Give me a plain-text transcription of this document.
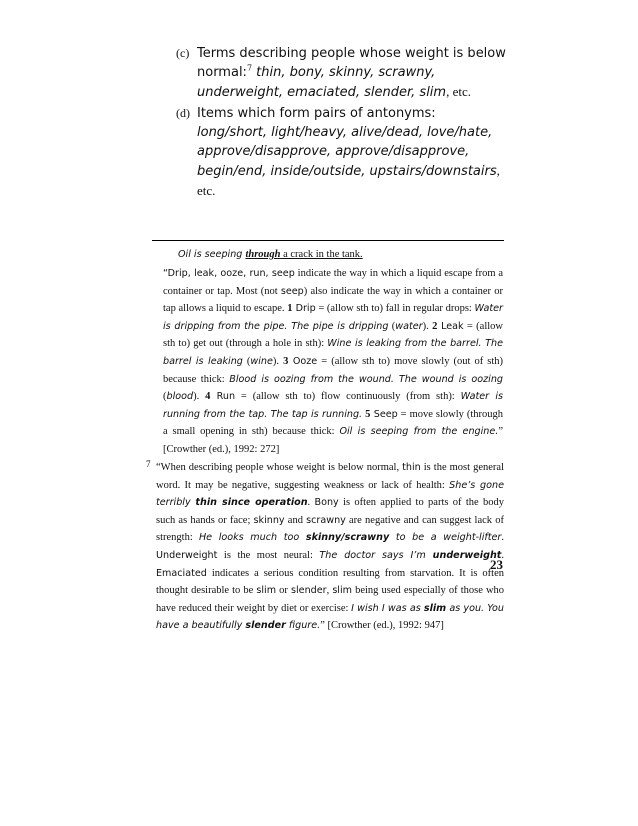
(c) Terms describing people whose weight is below normal:$^7$ thin, bony, skinny, scrawny, underweight, emaciated, slender, slim, etc.
(d) Items which form pairs of antonyms: long/short, light/heavy, alive/dead, love/hate, approve/disapprove, approve/disapprove, begin/end, inside/outside, upstairs/downstairs, etc.
Oil is seeping through a crack in the tank.
“Drip, leak, ooze, run, seep indicate the way in which a liquid escape from a container or tap. Most (not seep) also indicate the way in which a container or tap allows a liquid to escape. 1 Drip = (allow sth to) fall in regular drops: Water is dripping from the pipe. The pipe is dripping (water). 2 Leak = (allow sth to) get out (through a hole in sth): Wine is leaking from the barrel. The barrel is leaking (wine). 3 Ooze = (allow sth to) move slowly (out of sth) because thick: Blood is oozing from the wound. The wound is oozing (blood). 4 Run = (allow sth to) flow continuously (from sth): Water is running from the tap. The tap is running. 5 Seep = move slowly (through a small opening in sth) because thick: Oil is seeping from the engine.” [Crowther (ed.), 1992: 272]
7 “When describing people whose weight is below normal, thin is the most general word. It may be negative, suggesting weakness or lack of health: She’s gone terribly thin since operation. Bony is often applied to parts of the body such as hands or face; skinny and scrawny are negative and can suggest lack of strength: He looks much too skinny/scrawny to be a weight-lifter. Underweight is the most neural: The doctor says I’m underweight. Emaciated indicates a serious condition resulting from starvation. It is often thought desirable to be slim or slender, slim being used especially of those who have reduced their weight by diet or exercise: I wish I was as slim as you. You have a beautifully slender figure.” [Crowther (ed.), 1992: 947]
23
